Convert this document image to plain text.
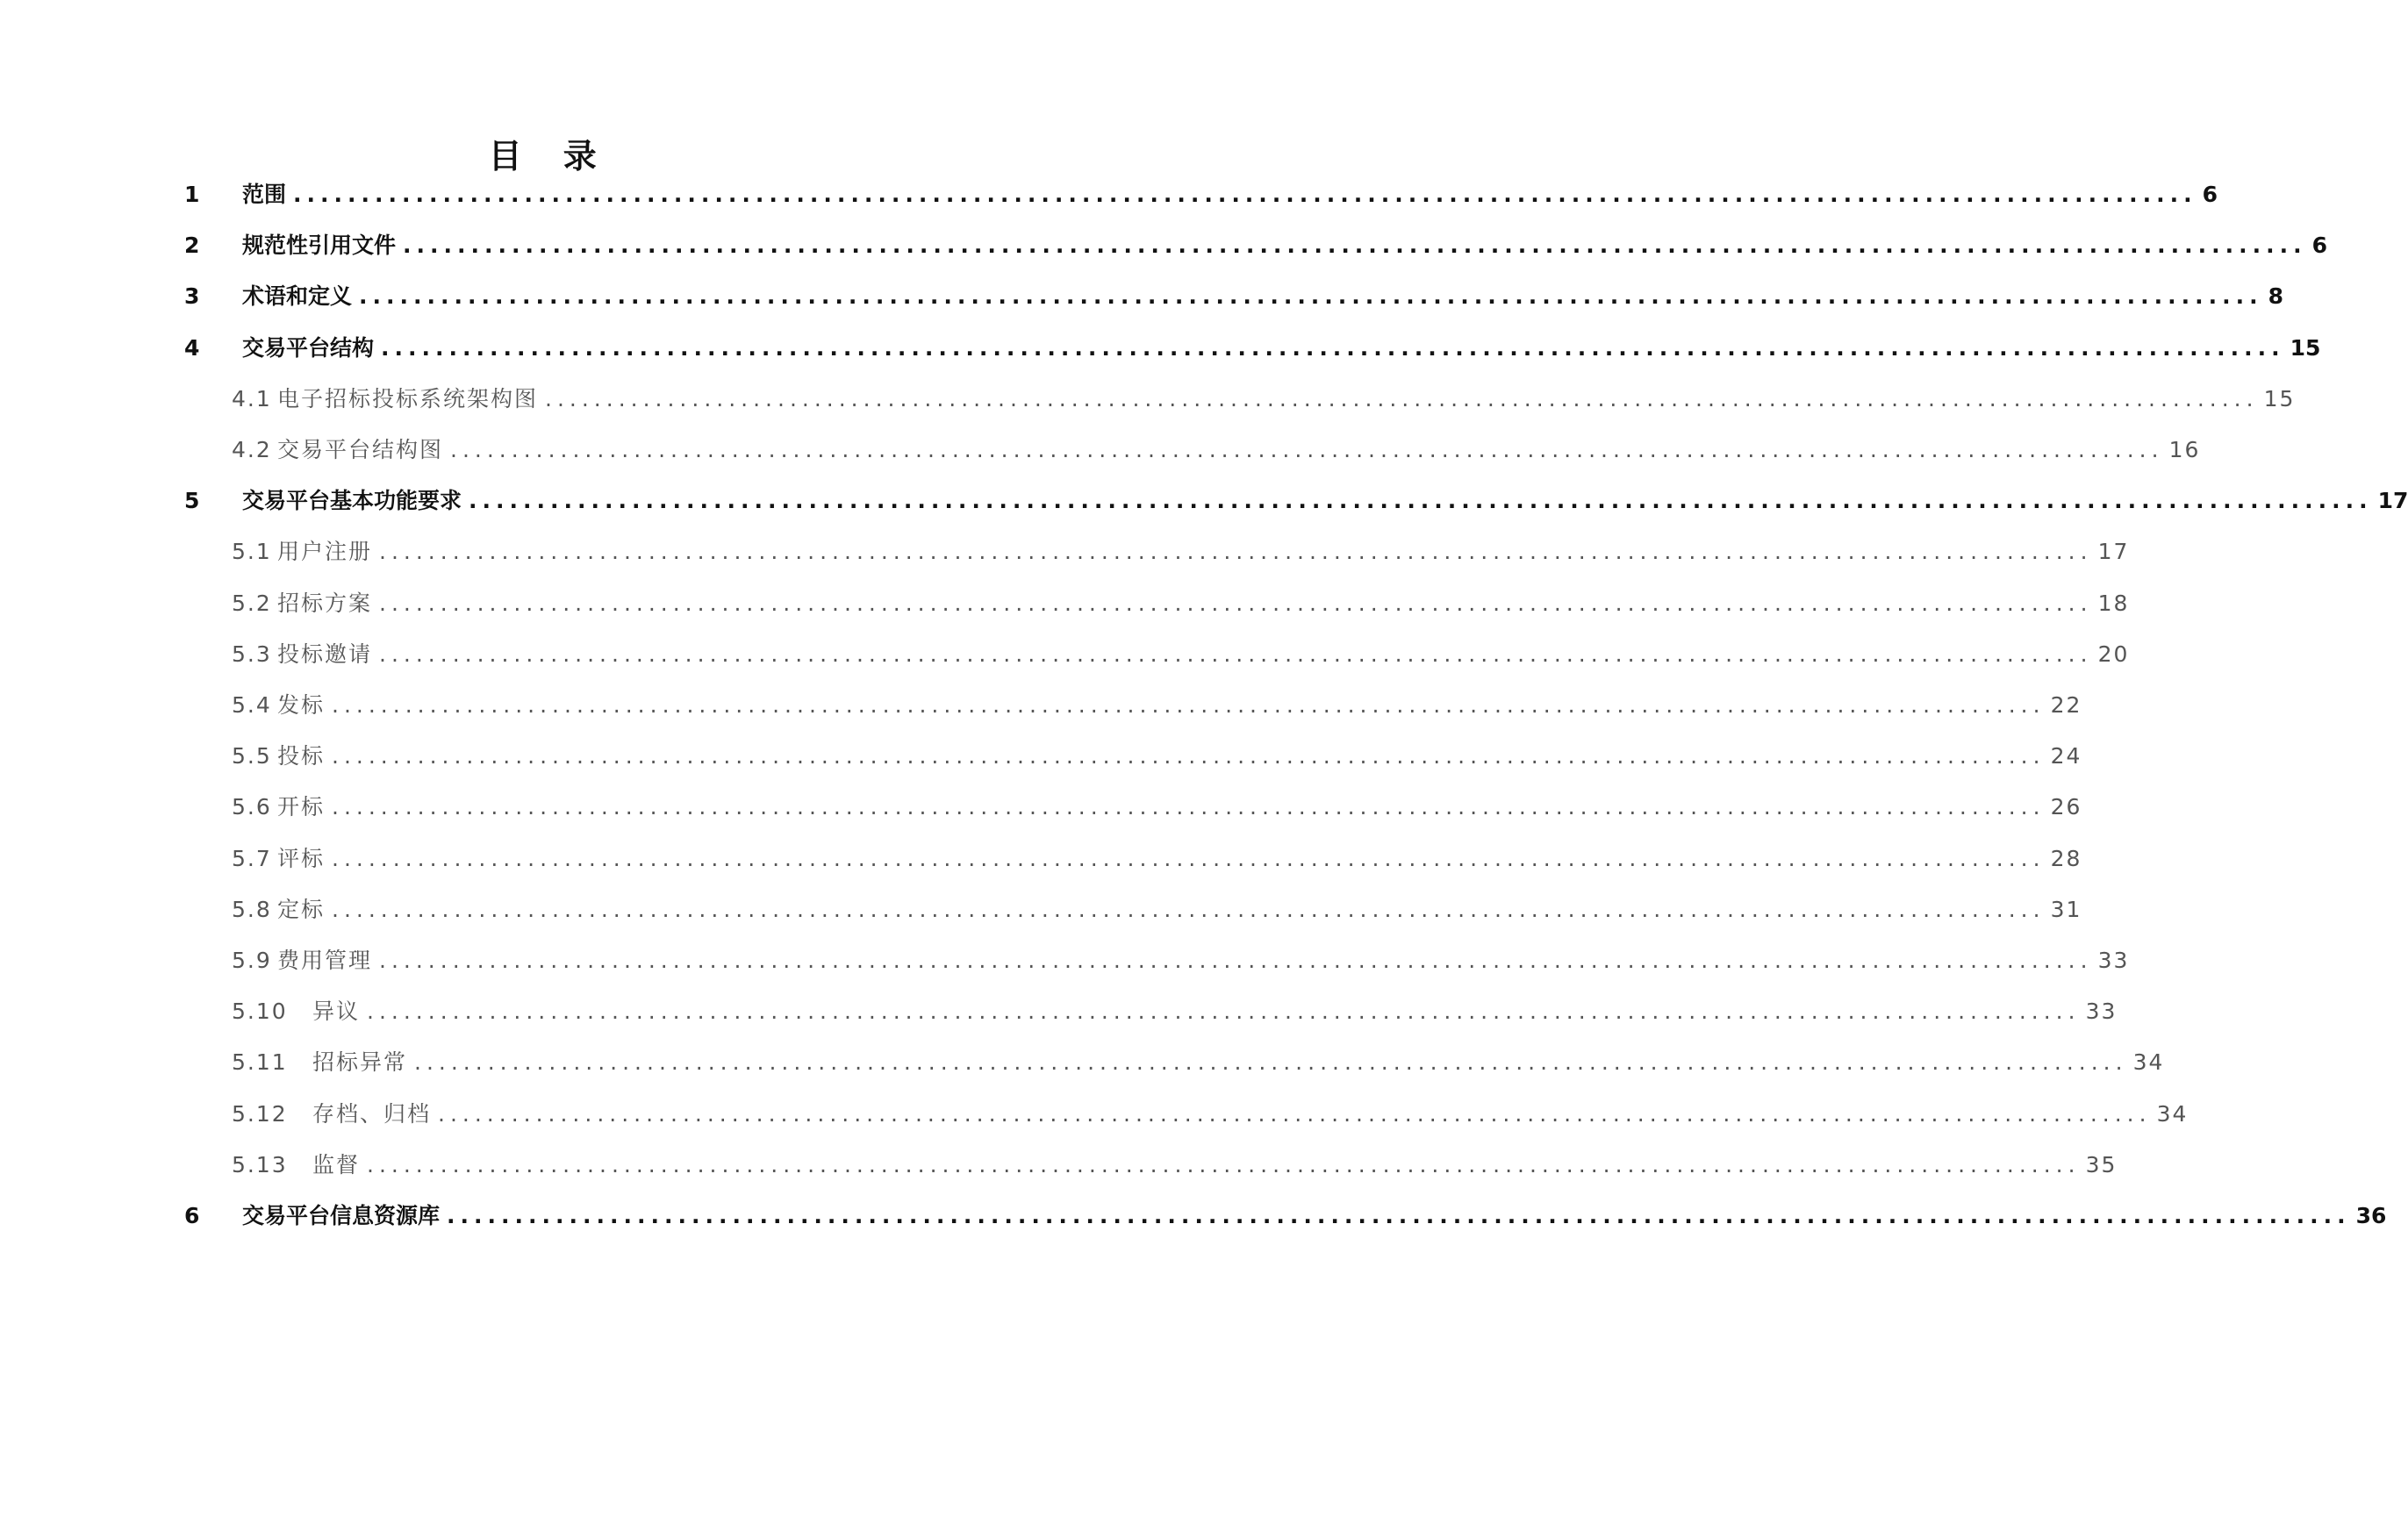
目　录
1 范围 ............................................................................................................................................ 6
2 规范性引用文件 ............................................................................................................................................ 6
3 术语和定义 ............................................................................................................................................ 8
4 交易平台结构 ............................................................................................................................................ 15
4.1 电子招标投标系统架构图 ............................................................................................................................................ 15
4.2 交易平台结构图 ............................................................................................................................................ 16
5 交易平台基本功能要求 ............................................................................................................................................ 17
5.1 用户注册 ............................................................................................................................................ 17
5.2 招标方案 ............................................................................................................................................ 18
5.3 投标邀请 ............................................................................................................................................ 20
5.4 发标 ............................................................................................................................................ 22
5.5 投标 ............................................................................................................................................ 24
5.6 开标 ............................................................................................................................................ 26
5.7 评标 ............................................................................................................................................ 28
5.8 定标 ............................................................................................................................................ 31
5.9 费用管理 ............................................................................................................................................ 33
5.10 异议 ............................................................................................................................................ 33
5.11 招标异常 ............................................................................................................................................ 34
5.12 存档、归档 ............................................................................................................................................ 34
5.13 监督 ............................................................................................................................................ 35
6 交易平台信息资源库 ............................................................................................................................................ 36
